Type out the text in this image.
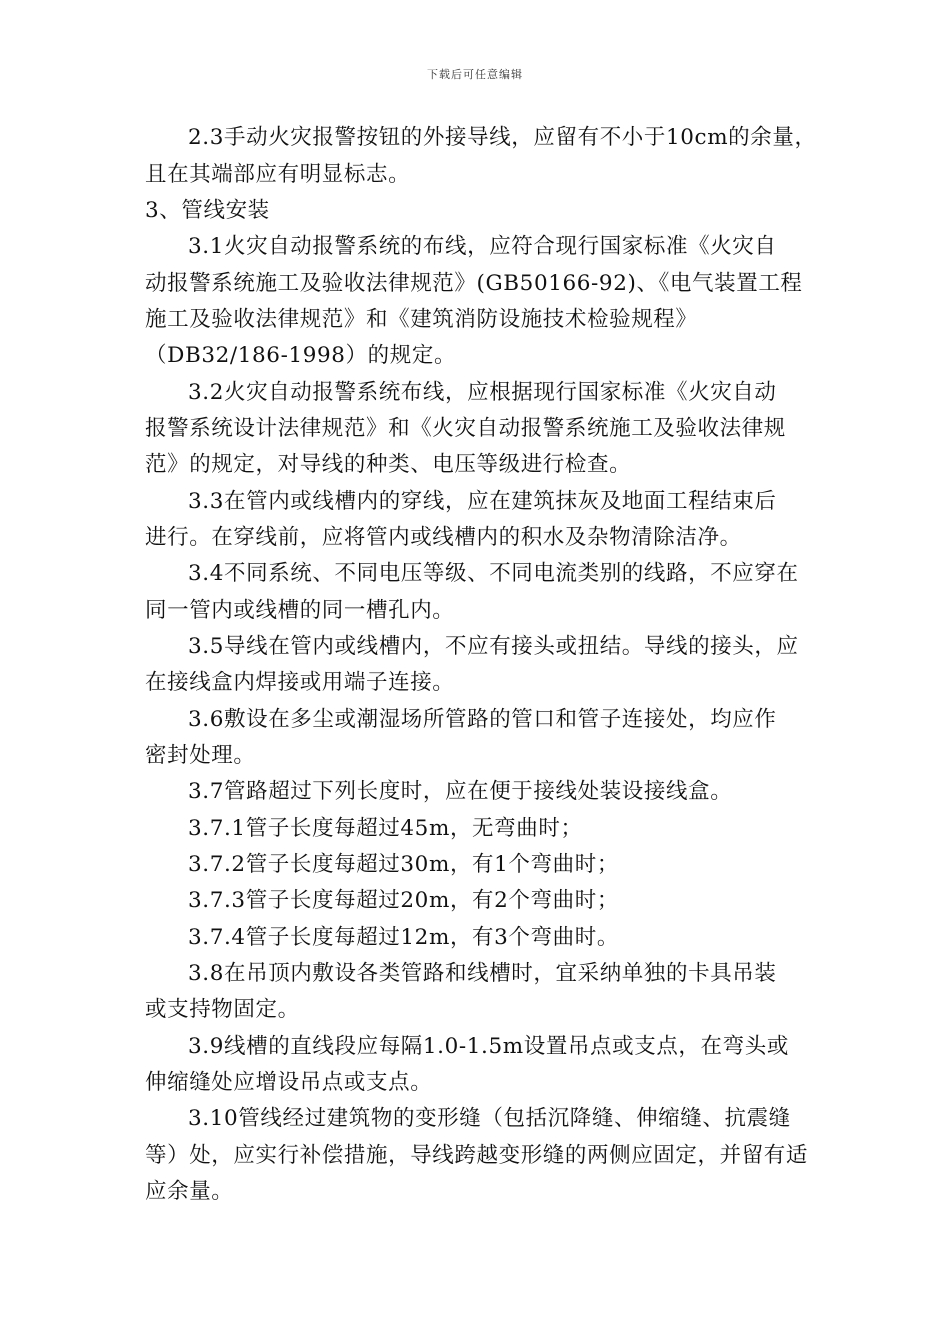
下载后可任意编辑
2.3手动火灾报警按钮的外接导线，应留有不小于10cm的余量，
且在其端部应有明显标志。
3、管线安装
3.1火灾自动报警系统的布线，应符合现行国家标准《火灾自
动报警系统施工及验收法律规范》(GB50166-92)、《电气装置工程
施工及验收法律规范》和《建筑消防设施技术检验规程》
（DB32/186-1998）的规定。
3.2火灾自动报警系统布线，应根据现行国家标准《火灾自动
报警系统设计法律规范》和《火灾自动报警系统施工及验收法律规
范》的规定，对导线的种类、电压等级进行检查。
3.3在管内或线槽内的穿线，应在建筑抹灰及地面工程结束后
进行。在穿线前，应将管内或线槽内的积水及杂物清除洁净。
3.4不同系统、不同电压等级、不同电流类别的线路，不应穿在
同一管内或线槽的同一槽孔内。
3.5导线在管内或线槽内，不应有接头或扭结。导线的接头，应
在接线盒内焊接或用端子连接。
3.6敷设在多尘或潮湿场所管路的管口和管子连接处，均应作
密封处理。
3.7管路超过下列长度时，应在便于接线处装设接线盒。
3.7.1管子长度每超过45m，无弯曲时；
3.7.2管子长度每超过30m，有1个弯曲时；
3.7.3管子长度每超过20m，有2个弯曲时；
3.7.4管子长度每超过12m，有3个弯曲时。
3.8在吊顶内敷设各类管路和线槽时，宜采纳单独的卡具吊装
或支持物固定。
3.9线槽的直线段应每隔1.0-1.5m设置吊点或支点，在弯头或
伸缩缝处应增设吊点或支点。
3.10管线经过建筑物的变形缝（包括沉降缝、伸缩缝、抗震缝
等）处，应实行补偿措施，导线跨越变形缝的两侧应固定，并留有适
应余量。
